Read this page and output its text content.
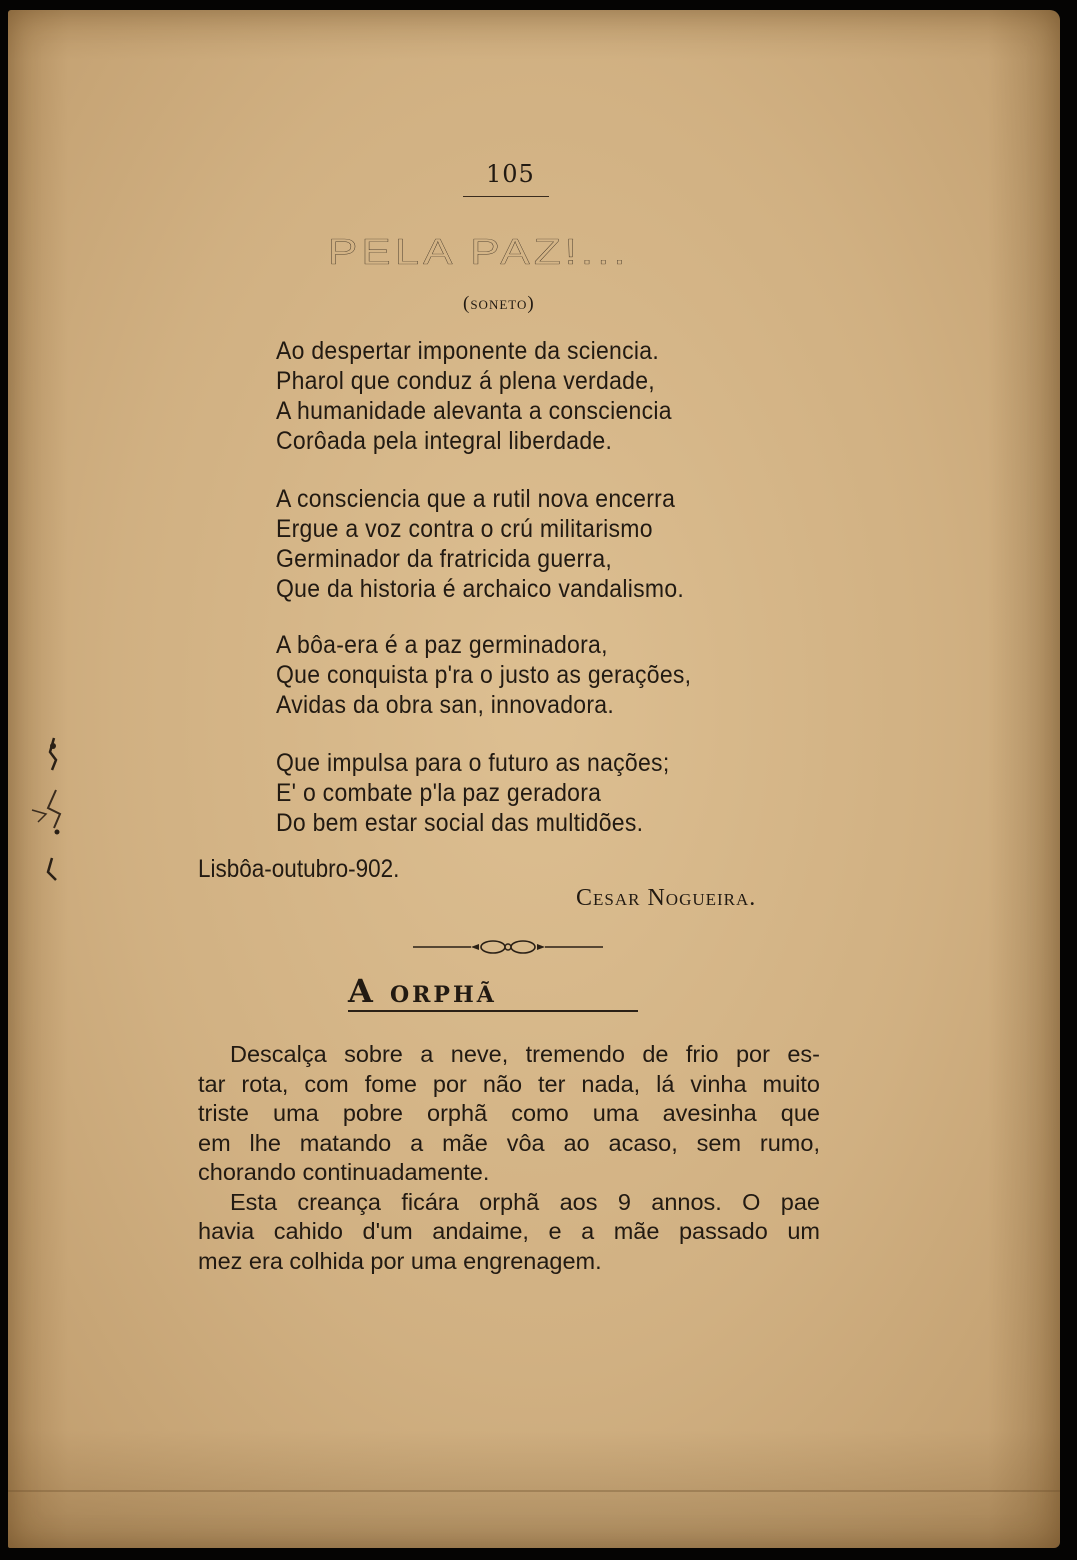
105
PELA PAZ!...
(soneto)
Ao despertar imponente da sciencia.
Pharol que conduz á plena verdade,
A humanidade alevanta a consciencia
Corôada pela integral liberdade.
A consciencia que a rutil nova encerra
Ergue a voz contra o crú militarismo
Germinador da fratricida guerra,
Que da historia é archaico vandalismo.
A bôa-era é a paz germinadora,
Que conquista p'ra o justo as gerações,
Avidas da obra san, innovadora.
Que impulsa para o futuro as nações;
E' o combate p'la paz geradora
Do bem estar social das multidões.
Lisbôa-outubro-902.
Cesar Nogueira.
A orphã

Descalça sobre a neve, tremendo de frio por es-
tar rota, com fome por não ter nada, lá vinha muito
triste uma pobre orphã como uma avesinha que
em lhe matando a mãe vôa ao acaso, sem rumo,
chorando continuadamente.

Esta creança ficára orphã aos 9 annos. O pae
havia cahido d'um andaime, e a mãe passado um
mez era colhida por uma engrenagem.
